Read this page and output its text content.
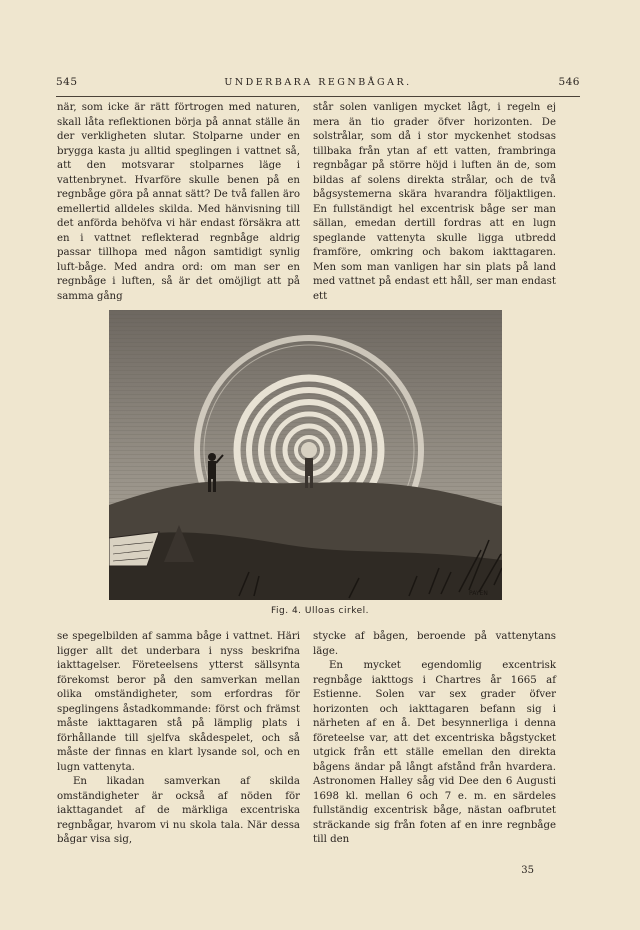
545	UNDERBARA REGNBÅGAR.	546

när, som icke är rätt förtrogen med naturen, skall låta reflektionen börja på annat ställe än der verkligheten slutar. Stolparne under en brygga kasta ju alltid speglingen i vattnet så, att den motsvarar stolparnes läge i vattenbrynet. Hvarföre skulle benen på en regnbåge göra på annat sätt? De två fallen äro emellertid alldeles skilda. Med hänvisning till det anförda behöfva vi här endast försäkra att en i vattnet reflekterad regnbåge aldrig passar tillhopa med någon samtidigt synlig luft-båge. Med andra ord: om man ser en regnbåge i luften, så är det omöjligt att på samma gång

står solen vanligen mycket lågt, i regeln ej mera än tio grader öfver horizonten. De solstrålar, som då i stor myckenhet stodsas tillbaka från ytan af ett vatten, frambringa regnbågar på större höjd i luften än de, som bildas af solens direkta strålar, och de två bågsystemerna skära hvarandra följaktligen. En fullständigt hel excentrisk båge ser man sällan, emedan dertill fordras att en lugn speglande vattenyta skulle ligga utbredd framföre, omkring och bakom iakttagaren. Men som man vanligen har sin plats på land med vattnet på endast ett håll, ser man endast ett

PAYEN
Fig. 4. Ulloas cirkel.

se spegelbilden af samma båge i vattnet. Häri ligger allt det underbara i nyss beskrifna iakttagelser. Företeelsens ytterst sällsynta förekomst beror på den samverkan mellan olika omständigheter, som erfordras för speglingens åstadkommande: först och främst måste iakttagaren stå på lämplig plats i förhållande till sjelfva skådespelet, och så måste der finnas en klart lysande sol, och en lugn vattenyta.

En likadan samverkan af skilda omständigheter är också af nöden för iakttagandet af de märkliga excentriska regnbågar, hvarom vi nu skola tala. När dessa bågar visa sig,

stycke af bågen, beroende på vattenytans läge.

En mycket egendomlig excentrisk regnbåge iakttogs i Chartres år 1665 af Estienne. Solen var sex grader öfver horizonten och iakttagaren befann sig i närheten af en å. Det besynnerliga i denna företeelse var, att det excentriska bågstycket utgick från ett ställe emellan den direkta bågens ändar på långt afstånd från hvardera. Astronomen Halley såg vid Dee den 6 Augusti 1698 kl. mellan 6 och 7 e. m. en särdeles fullständig excentrisk båge, nästan oafbrutet sträckande sig från foten af en inre regnbåge till den

35
